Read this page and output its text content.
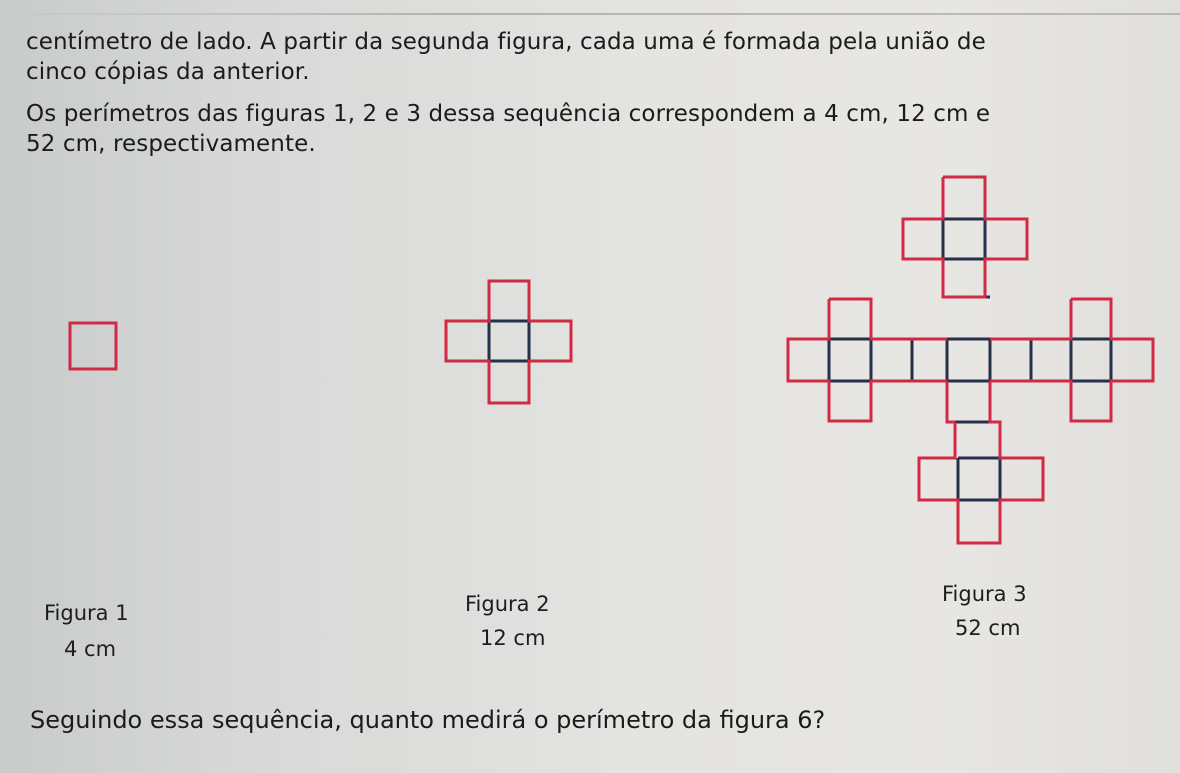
centímetro de lado. A partir da segunda figura, cada uma é formada pela união de

cinco cópias da anterior.

Os perímetros das figuras 1, 2 e 3 dessa sequência correspondem a 4 cm, 12 cm e

52 cm, respectivamente.

Figura 1
4 cm
Figura 2
12 cm
Figura 3
52 cm
Seguindo essa sequência, quanto medirá o perímetro da figura 6?
